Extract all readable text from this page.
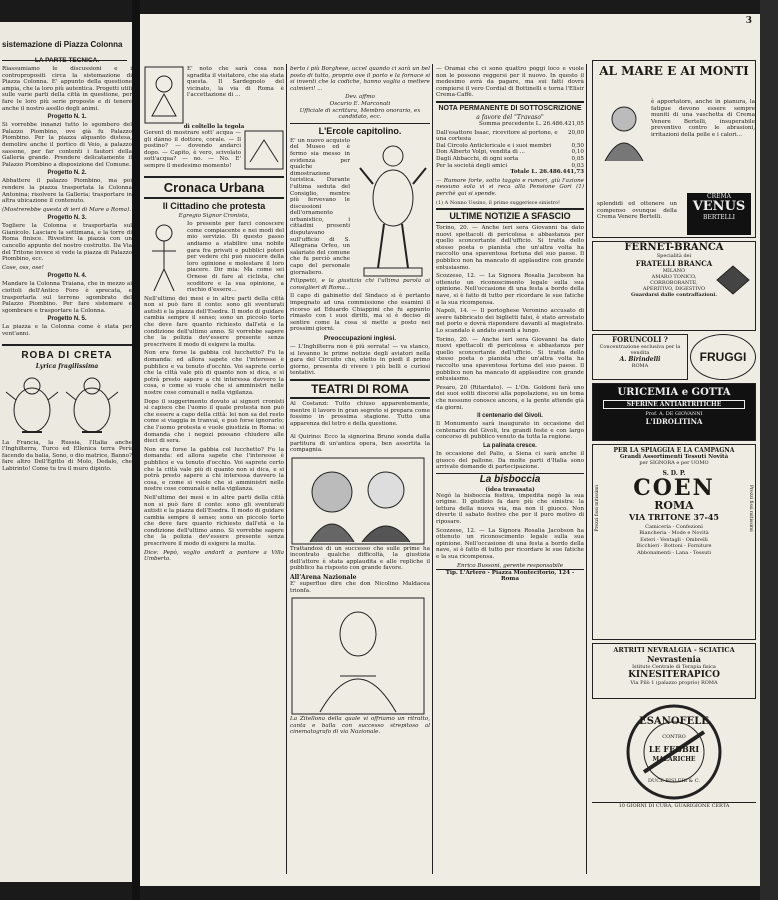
sistemazione di Piazza Colonna

Riassumiamo le discussioni e i contropropositi circa la sistemazione di Piazza Colonna. E' appunto della questione ampia, che la loro più autentica. Progetti utili sulle varie parti della città in questione, per fare le loro più serie proposte e di tenere anche il nostro assillo degli animi.

Progetto N. 1.

Si vorrebbe innanzi tutto lo sgombero del Palazzo Piombino, ove già fu Palazzo Piombino. Per la piazza alquanto distesa, demolire anche il portico di Veio, a palazzo sassone, per far contenti i fautori della Galleria grande. Prendere delicatamente il Palazzo Piombino a disposizione del Comune.

Progetto N. 2.

Abbattere il palazzo Piombino, ma poi rendere la piazza trasportata la Colonna Antonina; risolvere la Galleria; trasportare in altra ubicazione il contenuto.

(Mostrerebbe questa di ieri di Mare a Roma).

Progetto N. 3.

Togliere la Colonna e trasportarla sul Gianicolo. Lasciare la settimana, e la torre di Roma finisce. Rivestire la piazza con un cancello appunto del nostro costrutto. Da Via del Tritone invece si vede la piazza di Palazzo Piombino, ecc.

Cose, oss, ose!

Progetto N. 4.

Mandare la Colonna Traiana, che in mezzo ai ciottoli dell'Antico Foro è sprecata, e trasportarla sul terreno sgombrato del Palazzo Piombino. Per fare sistemare e sgombrare e trasportare la Colonna.

Progetto N. 5.

La piazza e la Colonna come è stata per vent'anni.

ROBA DI CRETA
Lyrica fragilissima

La Francia, la Russia, l'Italia anche l'Inghilterra, Turco ed Ellenica terra Perù facendo da balia, Sono, o dio matrice, Banno? fare altro Dell'Egitto di Molo, Dedalo, che Labirinto! Come tu tra il muro dipinto.

3

E' noto che sarà cosa non sgradita il visitatore, che sia stata questa. Il Sardegnolo del vicinato, la via di Roma è l'accettazione di ...

di coltello la tegola

Gerent di mostrare sott' acqua — gli dànno il dottore, corale. — Il postino? — dovendo andarci dopo. — Capito, è vero, scivolato sott'acqua? — no. — No. E' sempre il medesimo momento!

Cronaca Urbana
Il Cittadino che protesta

Egregio Signor Cronista,

Io presente per farci conoscere come compiacente e nei modi del mio servizio. Di questo passo andiamo a stabilire una nobile gara fra privati e pubblici poteri per vedere chi può nuocere della loro opinione e molestare il loro piacere. Dir mia: Ma come sei Ornese di fare al ciclista, che scoditore e la sua opinione, a rischio d'essere...

Nell'ultimo dei mesi e in altre parti della città non si può fare il conto: sono gli sventurati autisti e la piazza dell'Esedra. Il modo di guidare cambia sempre il senso; sono un piccolo torto che deve fare quanto richiesto dall'età e la condizione dell'ultimo anno. Si vorrebbe sapere che la polizia dev'essere presente senza prescrivere il modo di esigere la multa.

Non era forse la gabbia col lucchetto? Fu la domanda: ed allora sapete che l'interesse è pubblico e va tenuto d'occhio. Voi saprete certo che la città vale più di quanto non si dica, e si potrà presto sapere a chi interessa davvero la cosa, e come si vuole che si amministri nelle nostre cose comunali e nella vigilanza.

Dopo il suggerimento dovuto ai signori cronisti si capisce che l'uomo il quale protesta non può che essere a capo della città: lei non sa del resto come si viaggia in tranvai, e può forse ignorarlo; che l'uomo protesta e vuole giustizia in Roma: si domanda che i negozi possano chiudere alle dieci di sera.

Non era forse la gabbia col lucchetto? Fu la domanda: ed allora sapete che l'interesse è pubblico e va tenuto d'occhio. Voi saprete certo che la città vale più di quanto non si dica, e si potrà presto sapere a chi interessa davvero la cosa, e come si vuole che si amministri nelle nostre cose comunali e nella vigilanza.

Nell'ultimo dei mesi e in altre parti della città non si può fare il conto: sono gli sventurati autisti e la piazza dell'Esedra. Il modo di guidare cambia sempre il senso; sono un piccolo torto che deve fare quanto richiesto dall'età e la condizione dell'ultimo anno. Si vorrebbe sapere che la polizia dev'essere presente senza prescrivere il modo di esigere la multa.

Dice: Pepò, voglio andarli a pantare a Villa Umberto.

berto i più Borghese, uccel quando ci sarà un bel posto di tutto, proprio ove il porto e la fornace si si inventi che la codiche, hanno voglia a mettere calmieri! ...

Dev. affmo
Oscurio E. Marconati
Ufficiale di scrittura, Membro onorario, ex candidato, ecc.

L'Ercole capitolino.

E' un nuovo acquisto del Museo ed è fermo sia messo in evidenza per qualche dimostrazione turistica. Durante l'ultima seduta del Consiglio, mentre più fervevano le discussioni dell'ornamento urbanistico, i cittadini presenti disputavano sull'ufficio di S. Allegrana Orfeo, un salariato del comune che fu perciò anche capo del personale giornaliero.

Filippetti, e la giustizia chi l'ultima parola ai consiglieri di Roma...

Il capo di gabinetto del Sindaco si è pertanto impegnato ad una commissione che esamini il ricorso ad Eduardo Chiappini che fu appunto rimasto con i suoi diritti, ma si è deciso di sentire come la cosa si mette a posto nei prossimi giorni.

Preoccupazioni inglesi.

— L'Inghilterra non è più serrata! — va stanco, si levanno le prime notizie degli aviatori nella gara del Circuito che, eletto in piedi il primo giorno, presenta di vivere i più belli e curiosi tentativi.

TEATRI DI ROMA

Al Costanzi: Tutto chiuso apparentemente, mentre il lavoro in gran segreto si prepara come fossimo in prossima stagione. Tutto una apparenza del tetro e della questione.

Al Quirino: Ecco la signorina Bruno sonda dalla partitura di un'antica opera, ben assortita la compagnia.

Trattandosi di un successo che sulle prime ha incontrato qualche difficoltà, la giustizia dell'attore è stata applaudita e alle repliche il pubblico ha risposto con grande favore.

All'Arena Nazionale

E' superfluo dire che don Nicolino Maldacea trionfa.

La Zitellona della quale vi offriamo un ritratto, canta e balla con successo strepitoso al cinematografo di via Nazionale.

— Oramai che ci sono quattro poggi loco e vuole non le possono reggersi per il nuovo. In questo il medesimo avrà da pagare, ma sui fatti dovrà compiersi il vero Cordial di Bottinelli e torna l'Elisir Crema-Caffè.

NOTA PERMANENTE DI SOTTOSCRIZIONE
a favore del "Travaso"

Somma precedente L. 26.486.421,05

Dall'esattore Isaac, ricevitore al portone, e una cortesia
20,00
Dal Circolo Anticlericale e i suoi membri	0,50
Don Alberto Volpi, vendita di ...	0,10
Dagli Abbacchi, di ogni sorta	0,05
Per la società degli amici	0,03

Totale L. 26.486.441,73

— Rumore forte, sotto taggio e rumori, giù l'azione nessuno sola vi si reca alla Pensione Gori (1) perchè qui si spende.

(1) A Nonno Ussino, il primo suggerisce sinistro!

ULTIME NOTIZIE A SFASCIO

Torino, 20. — Anche ieri sera Giovanni ha dato nuovi spettacoli di pericolosa e abbastanza per quello sconcertante dell'ufficio. Si tratta dello stesso poeta o pianista che un'altra volta ha raccolto una spaventosa fortuna del suo paese. Il pubblico non ha mancato di applaudire con grande entusiasmo.

Scozzese, 12. — La Signora Rosalia Jacobson ha ottenuto un riconoscimento legale sulla sua opinione. Nell'occasione di una festa a bordo della nave, si è fatto di tutto per ricordare le sue fatiche e la sua ricompensa.

Napoli, 14. — Il portoghese Veronino accusato di avere fabbricato dei biglietti falsi, è stato arrestato nel porto e dovrà rispondere davanti al magistrato. Lo scandalo è andato avanti a lungo.

Torino, 20. — Anche ieri sera Giovanni ha dato nuovi spettacoli di pericolosa e abbastanza per quello sconcertante dell'ufficio. Si tratta dello stesso poeta o pianista che un'altra volta ha raccolto una spaventosa fortuna del suo paese. Il pubblico non ha mancato di applaudire con grande entusiasmo.

Pesaro, 20 (Ritardato). — L'On. Goldoni farà uno dei suoi soliti discorsi alla popolazione, su un tema che nessuno conosce ancora, e la gente attende già da giorni.

Il centenario del Givoli.

Il Monumento sarà inaugurato in occasione del centenario del Givoli, tra grandi feste e con largo concorso di pubblico venuto da tutta la regione.

La palinata cresce.

In occasione del Palio, a Siena ci sarà anche il giuoco del pallone. Da molte parti d'Italia sono arrivate domande di partecipazione.

La bisboccia
(idea travasata)

Negò la bisboccia festiva, impedita negò la sua origine. Il giudizio fa dare più che sinistra: la lettura della nuova via, ma non il giuoco. Non diverte il sabato festivo che per il puro motivo di riposare.

Scozzese, 12. — La Signora Rosalia Jacobson ha ottenuto un riconoscimento legale sulla sua opinione. Nell'occasione di una festa a bordo della nave, si è fatto di tutto per ricordare le sue fatiche e la sua ricompensa.

Enrico Bussoni, gerente responsabile
Tip. L'Artero - Piazza Montecitorio, 124 - Roma
AL MARE E AI MONTI

è apportatore, anche in pianura, la fatigue devono essere sempre muniti di una vaschetta di Crema Venere Bertelli, insuperabile preventivo contro le abrasioni, irritazioni della pelle e i calori...

splendidi ed ottenere un compenso ovunque della Crema Venere Bertelli.

CREMA
VENUS
BERTELLI
FERNET-BRANCA
Specialità dei
FRATELLI BRANCA
MILANO
AMARO TONICO,
CORROBORANTE,
APERITIVO, DIGESTIVO
Guardarsi dalle contraffazioni.
FORUNCOLI ?
Concentrazione esclusiva per la vendita
A. Birindelli
ROMA
FRUGGI
URICEMIA e GOTTA
SFERINE ANTIARTRITICHE
Prof. A. DE GIOVANNI
L'IDROLITINA
PER LA SPIAGGIA E LA CAMPAGNA
Grandi Assortimenti Tessuti Novità
per SIGNORA e per UOMO
Prezzi fissi mitissimi	Prezzi fissi mitissimi
S. D. P.
COEN
ROMA
VIA TRITONE 37-45
Camiceria - Confezioni
Biancheria - Mode e Novità
Esteri - Ventagli - Ombrelli
Bicchieri - Bottoni - Forniture
Abbonamenti - Lana - Tessuti
ARTRITI NEVRALGIA - SCIATICA
Nevrastenia
Istituto Centrale di Terapia fisica
KINESITERAPICO
Via Pilò 1 (palazzo proprio) ROMA
ESANOFELE
CONTRO
LE FEBBRI
MALARICHE
DUCE BISLERI & C.
10 GIORNI DI CURA, GUARIGIONE CERTA
